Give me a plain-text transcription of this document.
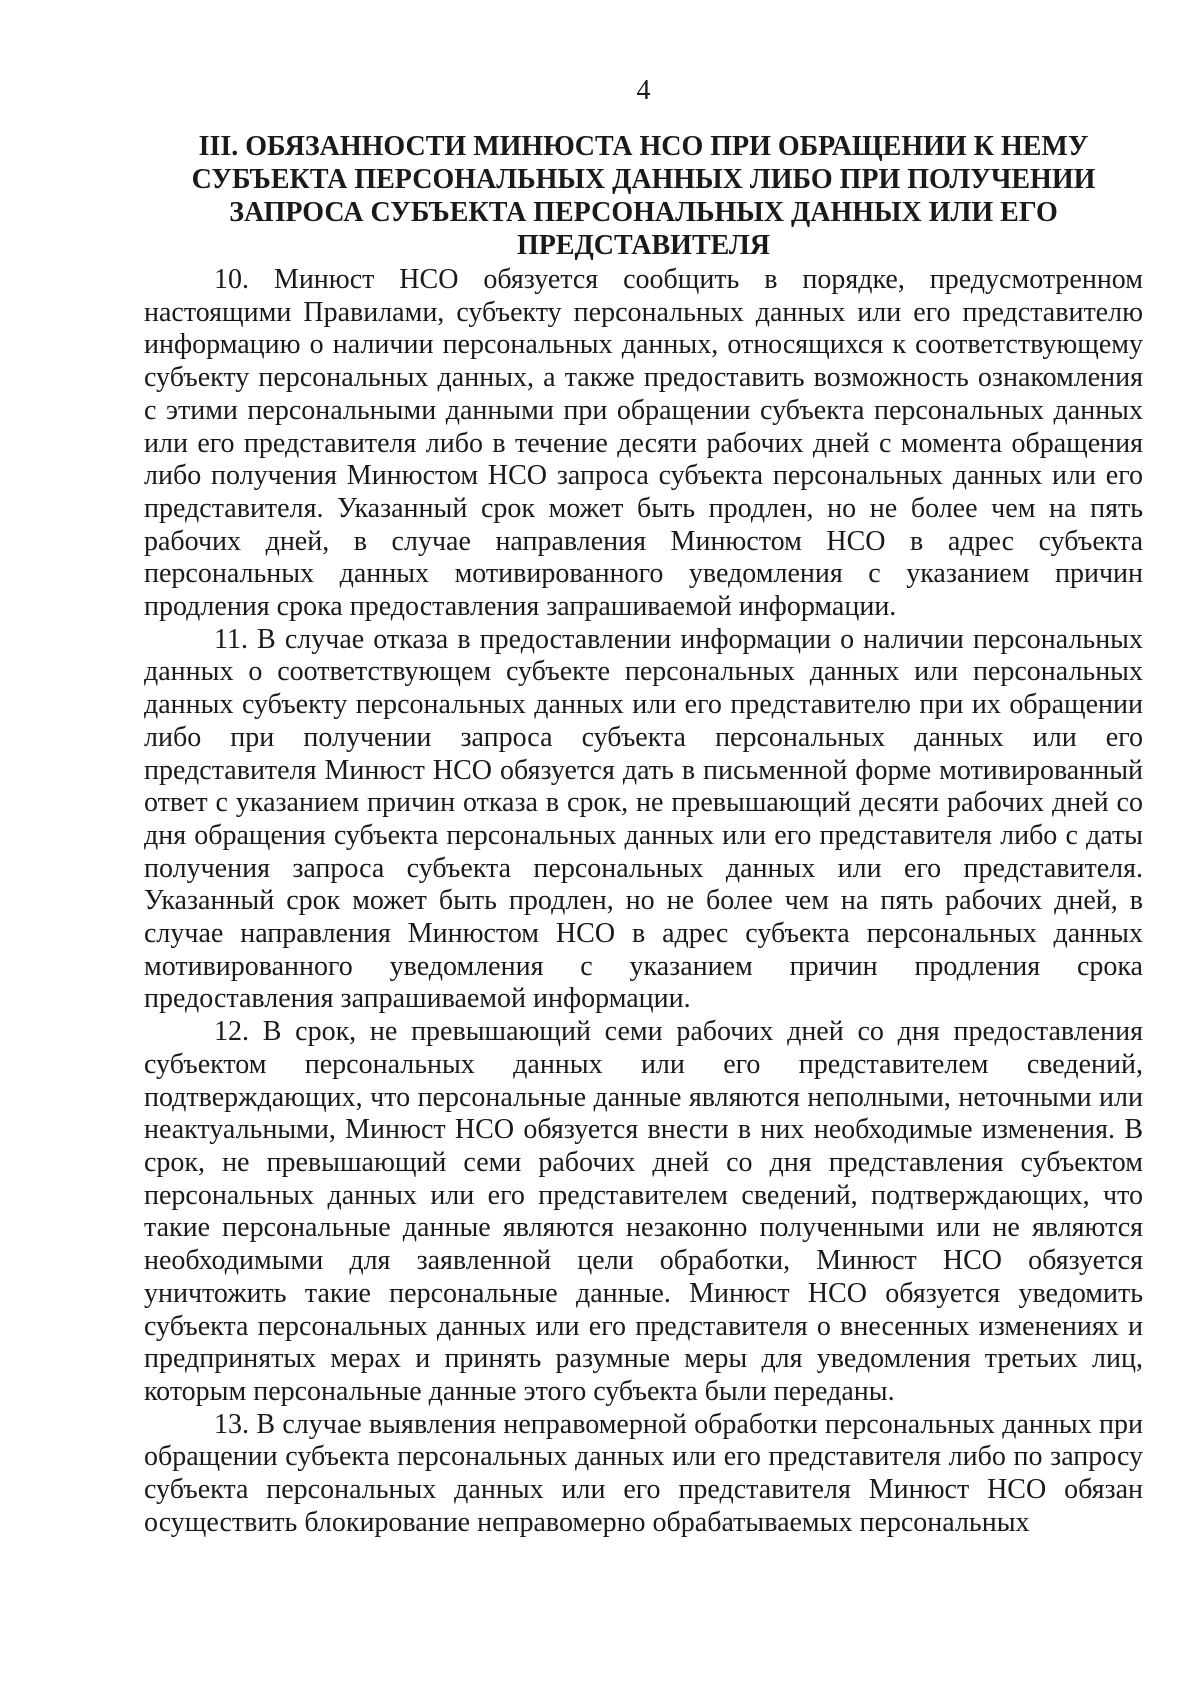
4
III. ОБЯЗАННОСТИ МИНЮСТА НСО ПРИ ОБРАЩЕНИИ К НЕМУ СУБЪЕКТА ПЕРСОНАЛЬНЫХ ДАННЫХ ЛИБО ПРИ ПОЛУЧЕНИИ ЗАПРОСА СУБЪЕКТА ПЕРСОНАЛЬНЫХ ДАННЫХ ИЛИ ЕГО ПРЕДСТАВИТЕЛЯ

10. Минюст НСО обязуется сообщить в порядке, предусмотренном настоящими Правилами, субъекту персональных данных или его представителю информацию о наличии персональных данных, относящихся к соответствующему субъекту персональных данных, а также предоставить возможность ознакомления с этими персональными данными при обращении субъекта персональных данных или его представителя либо в течение десяти рабочих дней с момента обращения либо получения Минюстом НСО запроса субъекта персональных данных или его представителя. Указанный срок может быть продлен, но не более чем на пять рабочих дней, в случае направления Минюстом НСО в адрес субъекта персональных данных мотивированного уведомления с указанием причин продления срока предоставления запрашиваемой информации.

11. В случае отказа в предоставлении информации о наличии персональных данных о соответствующем субъекте персональных данных или персональных данных субъекту персональных данных или его представителю при их обращении либо при получении запроса субъекта персональных данных или его представителя Минюст НСО обязуется дать в письменной форме мотивированный ответ с указанием причин отказа в срок, не превышающий десяти рабочих дней со дня обращения субъекта персональных данных или его представителя либо с даты получения запроса субъекта персональных данных или его представителя. Указанный срок может быть продлен, но не более чем на пять рабочих дней, в случае направления Минюстом НСО в адрес субъекта персональных данных мотивированного уведомления с указанием причин продления срока предоставления запрашиваемой информации.

12. В срок, не превышающий семи рабочих дней со дня предоставления субъектом персональных данных или его представителем сведений, подтверждающих, что персональные данные являются неполными, неточными или неактуальными, Минюст НСО обязуется внести в них необходимые изменения. В срок, не превышающий семи рабочих дней со дня представления субъектом персональных данных или его представителем сведений, подтверждающих, что такие персональные данные являются незаконно полученными или не являются необходимыми для заявленной цели обработки, Минюст НСО обязуется уничтожить такие персональные данные. Минюст НСО обязуется уведомить субъекта персональных данных или его представителя о внесенных изменениях и предпринятых мерах и принять разумные меры для уведомления третьих лиц, которым персональные данные этого субъекта были переданы.

13. В случае выявления неправомерной обработки персональных данных при обращении субъекта персональных данных или его представителя либо по запросу субъекта персональных данных или его представителя Минюст НСО обязан осуществить блокирование неправомерно обрабатываемых персональных
